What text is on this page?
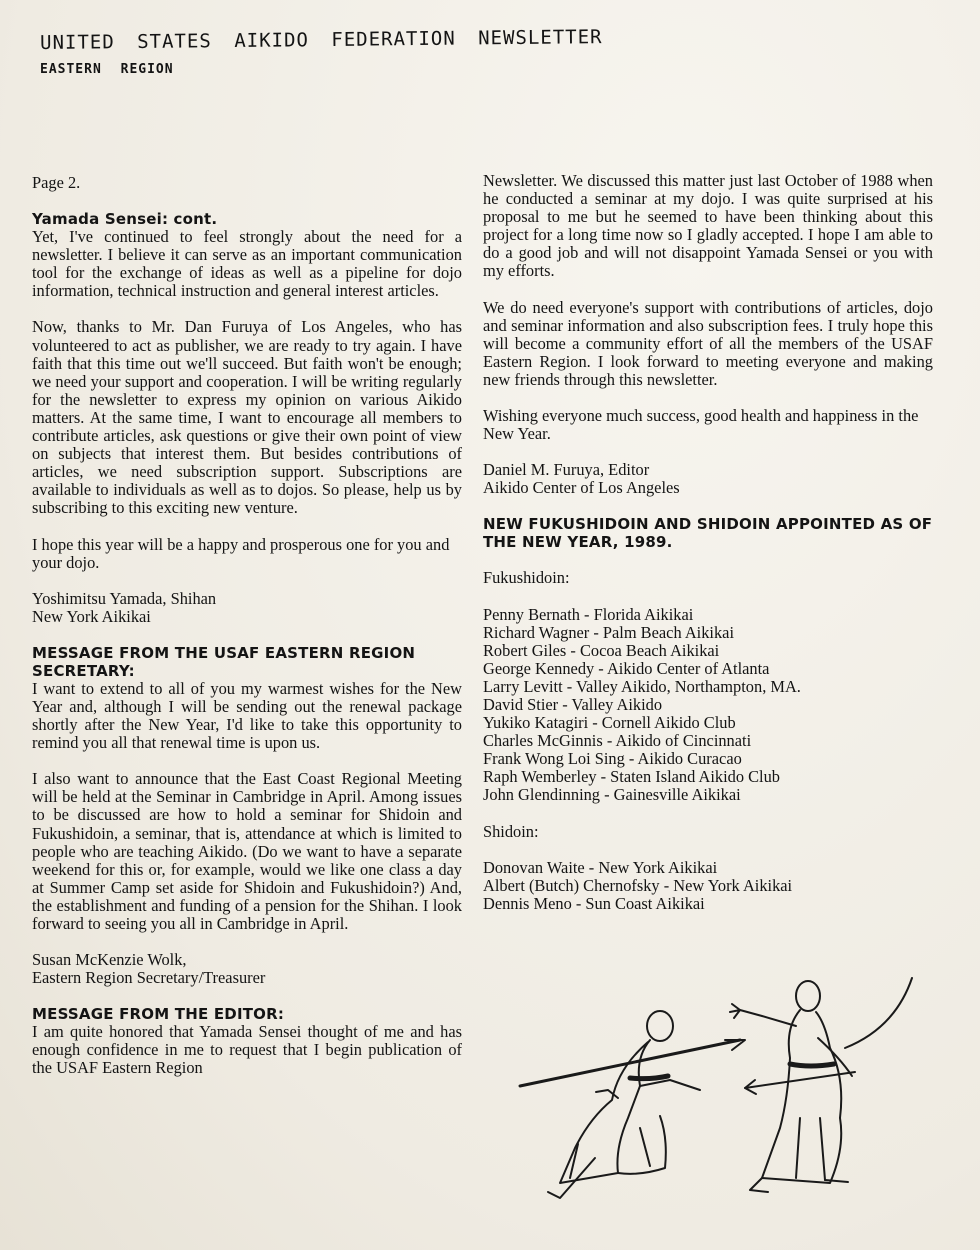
UNITED STATES AIKIDO FEDERATION NEWSLETTER
EASTERN REGION

Page 2.

Yamada Sensei: cont.

Yet, I've continued to feel strongly about the need for a newsletter. I believe it can serve as an important communication tool for the exchange of ideas as well as a pipeline for dojo information, technical instruction and general interest articles.

Now, thanks to Mr. Dan Furuya of Los Angeles, who has volunteered to act as publisher, we are ready to try again. I have faith that this time out we'll succeed. But faith won't be enough; we need your support and cooperation. I will be writing regularly for the newsletter to express my opinion on various Aikido matters. At the same time, I want to encourage all members to contribute articles, ask questions or give their own point of view on subjects that interest them. But besides contributions of articles, we need subscription support. Subscriptions are available to individuals as well as to dojos. So please, help us by subscribing to this exciting new venture.

I hope this year will be a happy and prosperous one for you and your dojo.

Yoshimitsu Yamada, Shihan

New York Aikikai

MESSAGE FROM THE USAF EASTERN REGION SECRETARY:

I want to extend to all of you my warmest wishes for the New Year and, although I will be sending out the renewal package shortly after the New Year, I'd like to take this opportunity to remind you all that renewal time is upon us.

I also want to announce that the East Coast Regional Meeting will be held at the Seminar in Cambridge in April. Among issues to be discussed are how to hold a seminar for Shidoin and Fukushidoin, a seminar, that is, attendance at which is limited to people who are teaching Aikido. (Do we want to have a separate weekend for this or, for example, would we like one class a day at Summer Camp set aside for Shidoin and Fukushidoin?) And, the establishment and funding of a pension for the Shihan. I look forward to seeing you all in Cambridge in April.

Susan McKenzie Wolk,

Eastern Region Secretary/Treasurer

MESSAGE FROM THE EDITOR:

I am quite honored that Yamada Sensei thought of me and has enough confidence in me to request that I begin publication of the USAF Eastern Region

Newsletter. We discussed this matter just last October of 1988 when he conducted a seminar at my dojo. I was quite surprised at his proposal to me but he seemed to have been thinking about this project for a long time now so I gladly accepted. I hope I am able to do a good job and will not disappoint Yamada Sensei or you with my efforts.

We do need everyone's support with contributions of articles, dojo and seminar information and also subscription fees. I truly hope this will become a community effort of all the members of the USAF Eastern Region. I look forward to meeting everyone and making new friends through this newsletter.

Wishing everyone much success, good health and happiness in the New Year.

Daniel M. Furuya, Editor

Aikido Center of Los Angeles

NEW FUKUSHIDOIN AND SHIDOIN APPOINTED AS OF THE NEW YEAR, 1989.

Fukushidoin:

Penny Bernath - Florida Aikikai

Richard Wagner - Palm Beach Aikikai

Robert Giles - Cocoa Beach Aikikai

George Kennedy - Aikido Center of Atlanta

Larry Levitt - Valley Aikido, Northampton, MA.

David Stier - Valley Aikido

Yukiko Katagiri - Cornell Aikido Club

Charles McGinnis - Aikido of Cincinnati

Frank Wong Loi Sing - Aikido Curacao

Raph Wemberley - Staten Island Aikido Club

John Glendinning - Gainesville Aikikai

Shidoin:

Donovan Waite - New York Aikikai

Albert (Butch) Chernofsky - New York Aikikai

Dennis Meno - Sun Coast Aikikai
